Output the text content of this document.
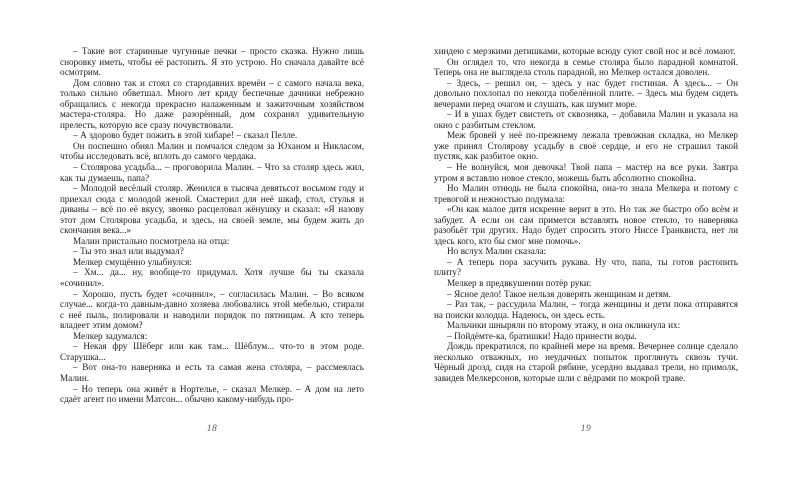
– Такие вот старинные чугунные печки – просто сказка. Нужно лишь сноровку иметь, чтобы её растопить. Я это устрою. Но сначала давайте всё осмотрим.

Дом словно так и стоял со стародавних времён – с самого начала века, только сильно обветшал. Много лет кряду беспечные дачники небрежно обращались с некогда прекрасно налаженным и зажиточным хозяйством мастера-столяра. Но даже разорённый, дом сохранял удивительную прелесть, которую все сразу почувствовали.

– А здорово будет пожить в этой хибаре! – сказал Пелле.

Он поспешно обнял Малин и помчался следом за Юханом и Никласом, чтобы исследовать всё, вплоть до самого чердака.

– Столярова усадьба... – проговорила Малин. – Что за столяр здесь жил, как ты думаешь, папа?

– Молодой весёлый столяр. Женился в тысяча девятьсот восьмом году и приехал сюда с молодой женой. Смастерил для неё шкаф, стол, стулья и диваны – всё по её вкусу, звонко расцеловал жёнушку и сказал: «Я назову этот дом Столярова усадьба, и здесь, на своей земле, мы будем жить до скончания века...»

Малин пристально посмотрела на отца:

– Ты это знал или выдумал?

Мелкер смущённо улыбнулся:

– Хм... да... ну, вообще-то придумал. Хотя лучше бы ты сказала «сочинил».

– Хорошо, пусть будет «сочинил», – согласилась Малин. – Во всяком случае... когда-то давным-давно хозяева любовались этой мебелью, стирали с неё пыль, полировали и наводили порядок по пятницам. А кто теперь владеет этим домом?

Мелкер задумался:

– Некая фру Шёберг или как там... Шёблум... что-то в этом роде. Старушка...

– Вот она-то наверняка и есть та самая жена столяра, – рассмеялась Малин.

– Но теперь она живёт в Нортелье, – сказал Мелкер. – А дом на лето сдаёт агент по имени Матсон... обычно какому-нибудь про-

хиндею с мерзкими детишками, которые всюду суют свой нос и всё ломают.

Он оглядел то, что некогда в семье столяра было парадной комнатой. Теперь она не выглядела столь парадной, но Мелкер остался доволен.

– Здесь, – решил он, – здесь у нас будет гостиная. А здесь... – Он довольно похлопал по некогда побелённой плите. – Здесь мы будем сидеть вечерами перед очагом и слушать, как шумит море.

– И в ушах будет свистеть от сквозняка, – добавила Малин и указала на окно с разбитым стеклом.

Меж бровей у неё по-прежнему лежала тревожная складка, но Мелкер уже принял Столярову усадьбу в своё сердце, и его не страшил такой пустяк, как разбитое окно.

– Не волнуйся, моя девочка! Твой папа – мастер на все руки. Завтра утром я вставлю новое стекло, можешь быть абсолютно спокойна.

Но Малин отнюдь не была спокойна, она-то знала Мелкера и потому с тревогой и нежностью подумала:

«Он как малое дитя искренне верит в это. Но так же быстро обо всём и забудет. А если он сам примется вставлять новое стекло, то наверняка разобьёт три других. Надо будет спросить этого Ниссе Гранквиста, нет ли здесь кого, кто бы смог мне помочь».

Но вслух Малин сказала:

– А теперь пора засучить рукава. Ну что, папа, ты готов растопить плиту?

Мелкер в предвкушении потёр руки:

– Ясное дело! Такое нельзя доверять женщинам и детям.

– Раз так, – рассудила Малин, – тогда женщины и дети пока отправятся на поиски колодца. Надеюсь, он здесь есть.

Мальчики шныряли по второму этажу, и она окликнула их:

– Пойдёмте-ка, братишки! Надо принести воды.

Дождь прекратился, по крайней мере на время. Вечернее солнце сделало несколько отважных, но неудачных попыток проглянуть сквозь тучи. Чёрный дрозд, сидя на старой рябине, усердно выдавал трели, но примолк, завидев Мелкерсонов, которые шли с вёдрами по мокрой траве.

18	19
